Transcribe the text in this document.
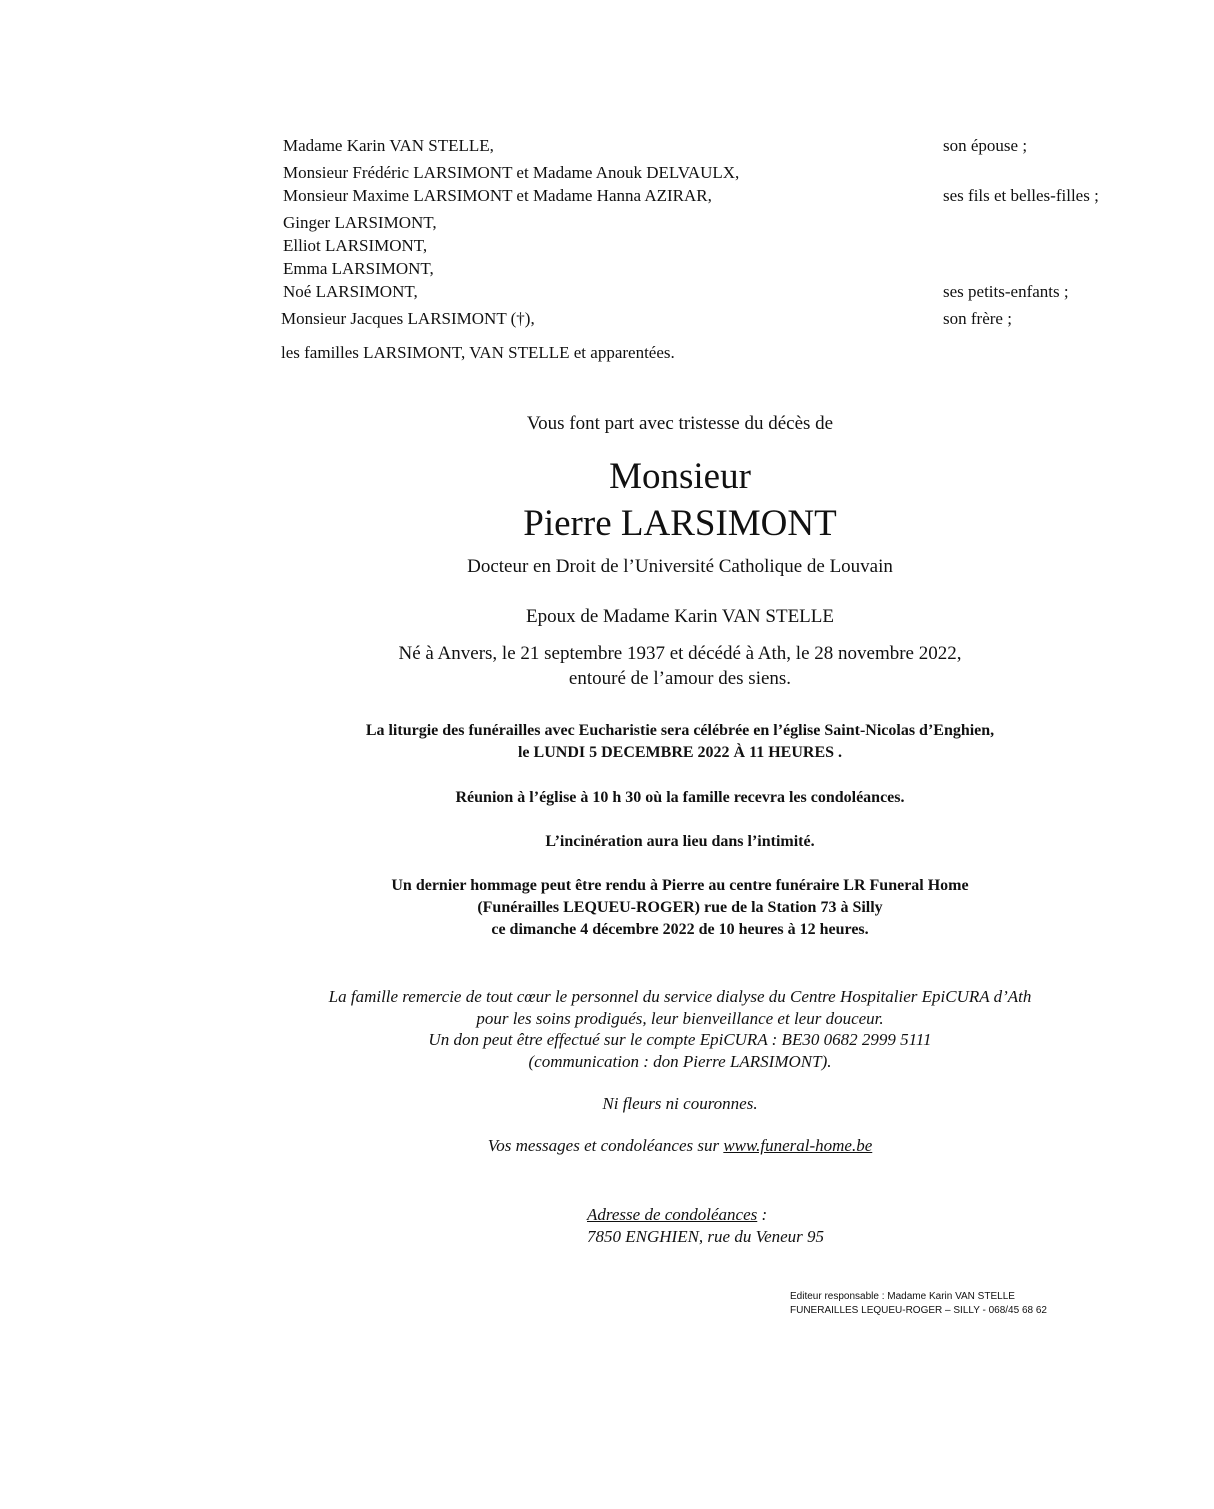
Madame Karin VAN STELLE,	son épouse ;
Monsieur Frédéric LARSIMONT et Madame Anouk DELVAULX,
Monsieur Maxime LARSIMONT et Madame Hanna AZIRAR,	ses fils et belles-filles ;
Ginger LARSIMONT,
Elliot LARSIMONT,
Emma LARSIMONT,
Noé LARSIMONT,	ses petits-enfants ;
Monsieur Jacques LARSIMONT (†),	son frère ;
les familles LARSIMONT, VAN STELLE et apparentées.
Vous font part avec tristesse du décès de
Monsieur
Pierre LARSIMONT
Docteur en Droit de l’Université Catholique de Louvain
Epoux de Madame Karin VAN STELLE
Né à Anvers, le 21 septembre 1937 et décédé à Ath, le 28 novembre 2022,
entouré de l’amour des siens.
La liturgie des funérailles avec Eucharistie sera célébrée en l’église Saint-Nicolas d’Enghien,
le LUNDI 5 DECEMBRE 2022 À 11 HEURES .
Réunion à l’église à 10 h 30 où la famille recevra les condoléances.
L’incinération aura lieu dans l’intimité.
Un dernier hommage peut être rendu à Pierre au centre funéraire LR Funeral Home
(Funérailles LEQUEU-ROGER) rue de la Station 73 à Silly
ce dimanche 4 décembre 2022 de 10 heures à 12 heures.
La famille remercie de tout cœur le personnel du service dialyse du Centre Hospitalier EpiCURA d’Ath
pour les soins prodigués, leur bienveillance et leur douceur.
Un don peut être effectué sur le compte EpiCURA : BE30 0682 2999 5111
(communication : don Pierre LARSIMONT).
Ni fleurs ni couronnes.
Vos messages et condoléances sur www.funeral-home.be
Adresse de condoléances :
7850 ENGHIEN, rue du Veneur 95
Editeur responsable : Madame Karin VAN STELLE
FUNERAILLES LEQUEU-ROGER – SILLY - 068/45 68 62
